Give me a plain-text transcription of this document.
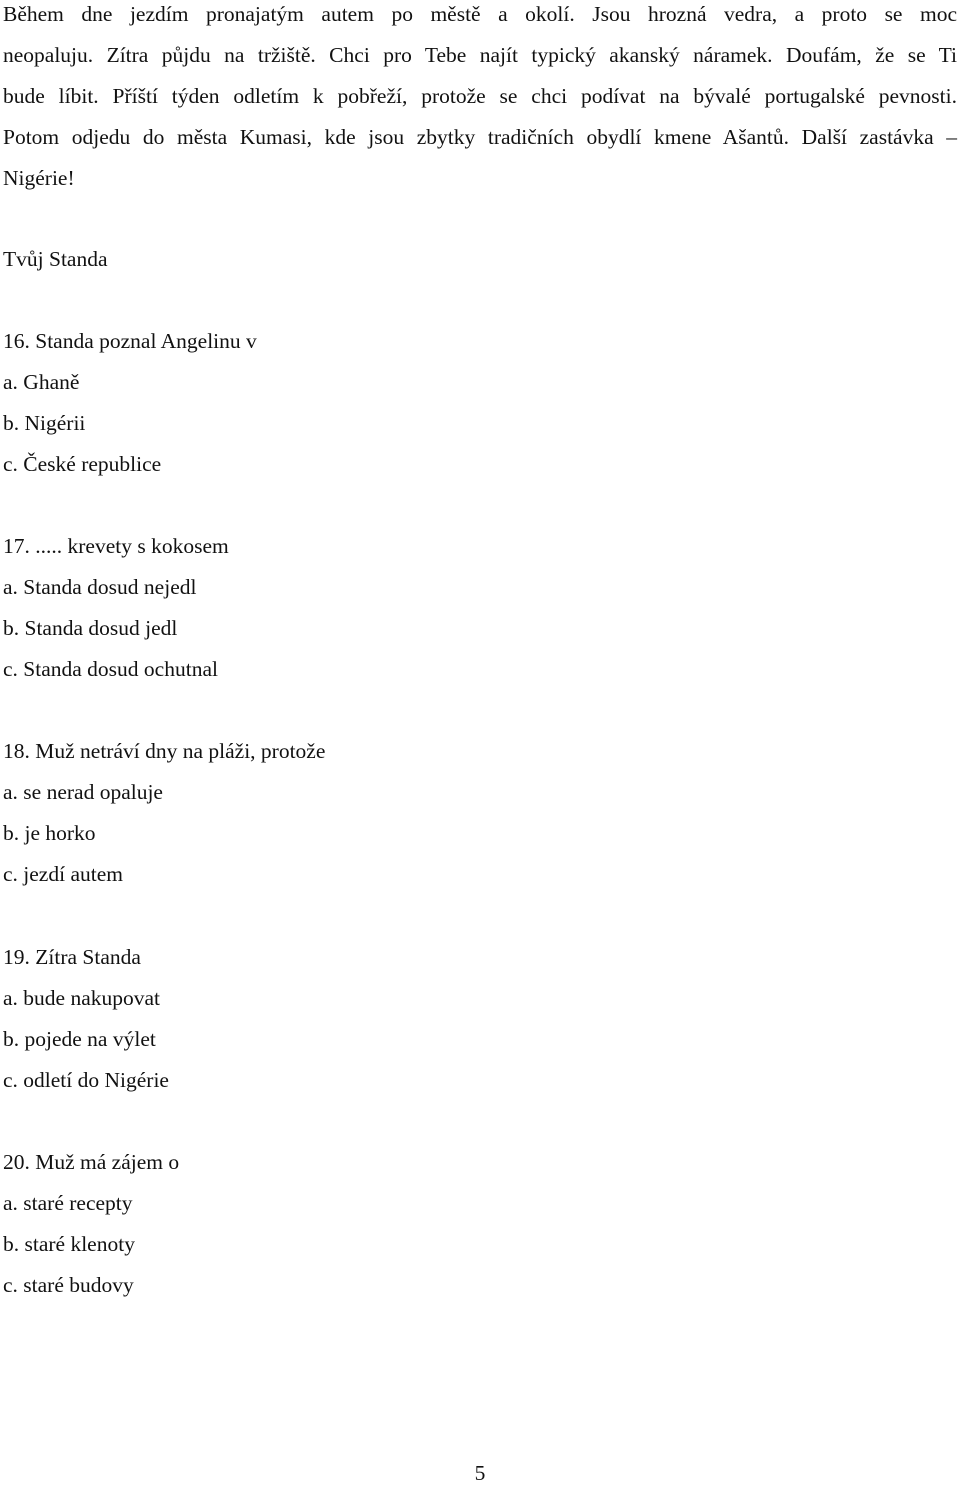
Během dne jezdím pronajatým autem po městě a okolí. Jsou hrozná vedra, a proto se moc
neopaluju. Zítra půjdu na tržiště. Chci pro Tebe najít typický akanský náramek. Doufám, že se Ti
bude líbit. Příští týden odletím k pobřeží, protože se chci podívat na bývalé portugalské pevnosti.
Potom odjedu do města Kumasi, kde jsou zbytky tradičních obydlí kmene Ašantů. Další zastávka –
Nigérie!
Tvůj Standa
16. Standa poznal Angelinu v
a. Ghaně
b. Nigérii
c. České republice
17. ..... krevety s kokosem
a. Standa dosud nejedl
b. Standa dosud jedl
c. Standa dosud ochutnal
18. Muž netráví dny na pláži, protože
a. se nerad opaluje
b. je horko
c. jezdí autem
19. Zítra Standa
a. bude nakupovat
b. pojede na výlet
c. odletí do Nigérie
20. Muž má zájem o
a. staré recepty
b. staré klenoty
c. staré budovy
5
